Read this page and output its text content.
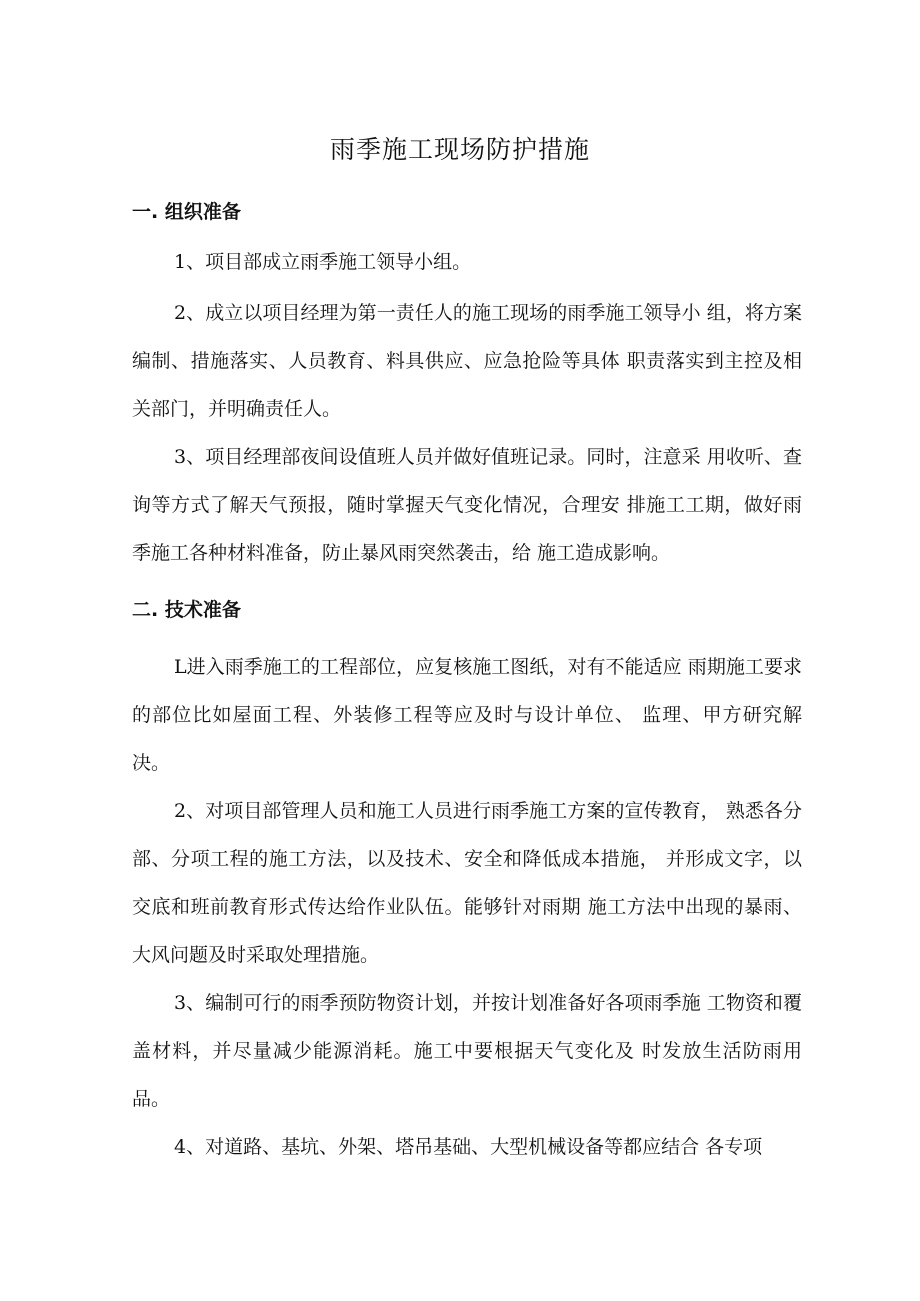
雨季施工现场防护措施
一. 组织准备

1、项目部成立雨季施工领导小组。

2、成立以项目经理为第一责任人的施工现场的雨季施工领导小 组，将方案编制、措施落实、人员教育、料具供应、应急抢险等具体 职责落实到主控及相关部门，并明确责任人。

3、项目经理部夜间设值班人员并做好值班记录。同时，注意采 用收听、查询等方式了解天气预报，随时掌握天气变化情况，合理安 排施工工期，做好雨季施工各种材料准备，防止暴风雨突然袭击，给 施工造成影响。

二. 技术准备

L进入雨季施工的工程部位，应复核施工图纸，对有不能适应 雨期施工要求的部位比如屋面工程、外装修工程等应及时与设计单位、 监理、甲方研究解决。

2、对项目部管理人员和施工人员进行雨季施工方案的宣传教育， 熟悉各分部、分项工程的施工方法，以及技术、安全和降低成本措施， 并形成文字，以交底和班前教育形式传达给作业队伍。能够针对雨期 施工方法中出现的暴雨、大风问题及时采取处理措施。

3、编制可行的雨季预防物资计划，并按计划准备好各项雨季施 工物资和覆盖材料，并尽量减少能源消耗。施工中要根据天气变化及 时发放生活防雨用品。

4、对道路、基坑、外架、塔吊基础、大型机械设备等都应结合 各专项
